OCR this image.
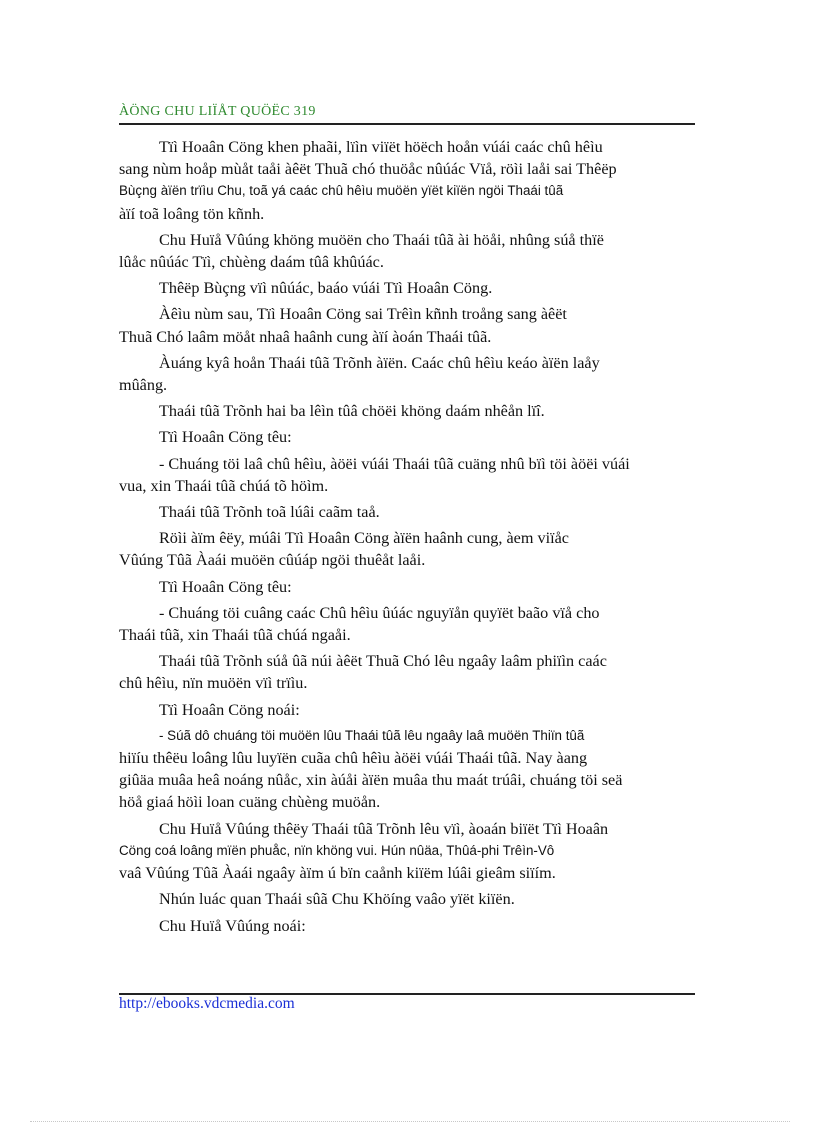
ÀÖNG CHU LIÏÅT QUÖËC 319
Tïì Hoaân Cöng khen phaãi, lïìn viïët höëch hoån vúái caác chû hêìu
sang nùm hoåp mùåt taåi àêët Thuã chó thuöåc nûúác Vïå, röìi laåi sai Thêëp
Bùçng àïën trïìu Chu, toã yá caác chû hêìu muöën yïët kiïën ngöi Thaái tûã
àïí toã loâng tön kñnh.
Chu Huïå Vûúng khöng muöën cho Thaái tûã ài höåi, nhûng súå thïë
lûåc nûúác Tïì, chùèng daám tûâ khûúác.
Thêëp Bùçng vïì nûúác, baáo vúái Tïì Hoaân Cöng.
Àêìu nùm sau, Tïì Hoaân Cöng sai Trêìn kñnh troång sang àêët
Thuã Chó laâm möåt nhaâ haânh cung àïí àoán Thaái tûã.
Àuáng kyâ hoån Thaái tûã Trõnh àïën. Caác chû hêìu keáo àïën laåy
mûâng.
Thaái tûã Trõnh hai ba lêìn tûâ chöëi khöng daám nhêån lïî.
Tïì Hoaân Cöng têu:
- Chuáng töi laâ chû hêìu, àöëi vúái Thaái tûã cuäng nhû bïì töi àöëi vúái
vua, xin Thaái tûã chúá tõ höìm.
Thaái tûã Trõnh toã lúâi caãm taå.
Röìi àïm êëy, múâi Tïì Hoaân Cöng àïën haânh cung, àem viïåc
Vûúng Tûã Àaái muöën cûúáp ngöi thuêåt laåi.
Tïì Hoaân Cöng têu:
- Chuáng töi cuâng caác Chû hêìu ûúác nguyïån quyïët baão vïå cho
Thaái tûã, xin Thaái tûã chúá ngaåi.
Thaái tûã Trõnh súå ûã núi àêët Thuã Chó lêu ngaây laâm phiïìn caác
chû hêìu, nïn muöën vïì trïìu.
Tïì Hoaân Cöng noái:
- Súã dô chuáng töi muöën lûu Thaái tûã lêu ngaây laâ muöën Thiïn tûã
hiïíu thêëu loâng lûu luyïën cuãa chû hêìu àöëi vúái Thaái tûã. Nay àang
giûäa muâa heâ noáng nûåc, xin àúåi àïën muâa thu maát trúâi, chuáng töi seä
höå giaá höìi loan cuäng chùèng muöån.
Chu Huïå Vûúng thêëy Thaái tûã Trõnh lêu vïì, àoaán biïët Tïì Hoaân
Cöng coá loâng mïën phuåc, nïn khöng vui. Hún nûäa, Thûá-phi Trêìn-Vô
vaâ Vûúng Tûã Àaái ngaây àïm ú bïn caånh kiïëm lúâi gieâm siïím.
Nhún luác quan Thaái sûã Chu Khöíng vaâo yïët kiïën.
Chu Huïå Vûúng noái:
http://ebooks.vdcmedia.com
